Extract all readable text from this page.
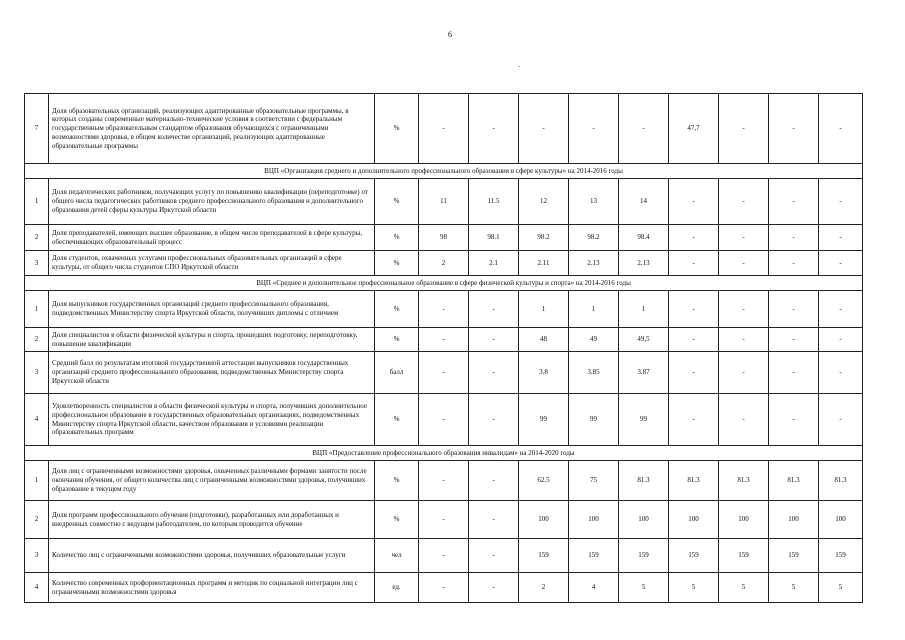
6
-
7	Доля образовательных организаций, реализующих адаптированные образовательные программы, в которых созданы современные материально-технические условия в соответствии с федеральным государственным образовательным стандартом образования обучающихся с ограниченными возможностями здоровья, в общем количестве организаций, реализующих адаптированные образовательные программы	%	-	-	-	-	-	47,7	-	-	-
ВЦП «Организация среднего и дополнительного профессионального образования в сфере культуры» на 2014-2016 годы											
1	Доля педагогических работников, получающих услугу по повышению квалификации (переподготовке) от общего числа педагогических работников среднего профессионального образования и дополнительного образования детей сферы культуры Иркутской области	%	11	11.5	12	13	14	-	-	-	-
2	Доля преподавателей, имеющих высшее образование, в общем числе преподавателей в сфере культуры, обеспечивающих образовательный процесс	%	98	98.1	98.2	98.2	98.4	-	-	-	-
3	Доля студентов, охваченных услугами профессиональных образовательных организаций в сфере культуры, от общего числа студентов СПО Иркутской области	%	2	2.1	2.11	2.13	2.13	-	-	-	-
ВЦП «Среднее и дополнительное профессиональное образование в сфере физической культуры и спорта» на 2014-2016 годы											
1	Доля выпускников государственных организаций среднего профессионального образования, подведомственных Министерству спорта Иркутской области, получивших дипломы с отличием	%	-	-	1	1	1	-	-	-	-
2	Доля специалистов в области физической культуры и спорта, прошедших подготовку, переподготовку, повышение квалификации	%	-	-	48	49	49,5	-	-	-	-
3	Средний балл по результатам итоговой государственной аттестации выпускников государственных организаций среднего профессионального образования, подведомственных Министерству спорта Иркутской области	балл	-	-	3.8	3.85	3.87	-	-	-	-
4	Удовлетворенность специалистов в области физической культуры и спорта, получивших дополнительное профессиональное образование в государственных образовательных организациях, подведомственных Министерству спорта Иркутской области, качеством образования и условиями реализации образовательных программ	%	-	-	99	99	99	-	-	-	-
ВЦП «Предоставление профессионального образования инвалидам» на 2014-2020 годы											
1	Доля лиц с ограниченными возможностями здоровья, охваченных различными формами занятости после окончания обучения, от общего количества лиц с ограниченными возможностями здоровья, получивших образование в текущем году	%	-	-	62.5	75	81.3	81.3	81.3	81.3	81.3
2	Доля программ профессионального обучения (подготовки), разработанных или доработанных и внедренных совместно с ведущим работодателем, по которым проводится обучение	%	-	-	100	100	100	100	100	100	100
3	Количество лиц с ограниченными возможностями здоровья, получивших образовательные услуги	чел	-	-	159	159	159	159	159	159	159
4	Количество современных профориентационных программ и методик по социальной интеграции лиц с ограниченными возможностями здоровья	ед.	-	-	2	4	5	5	5	5	5
